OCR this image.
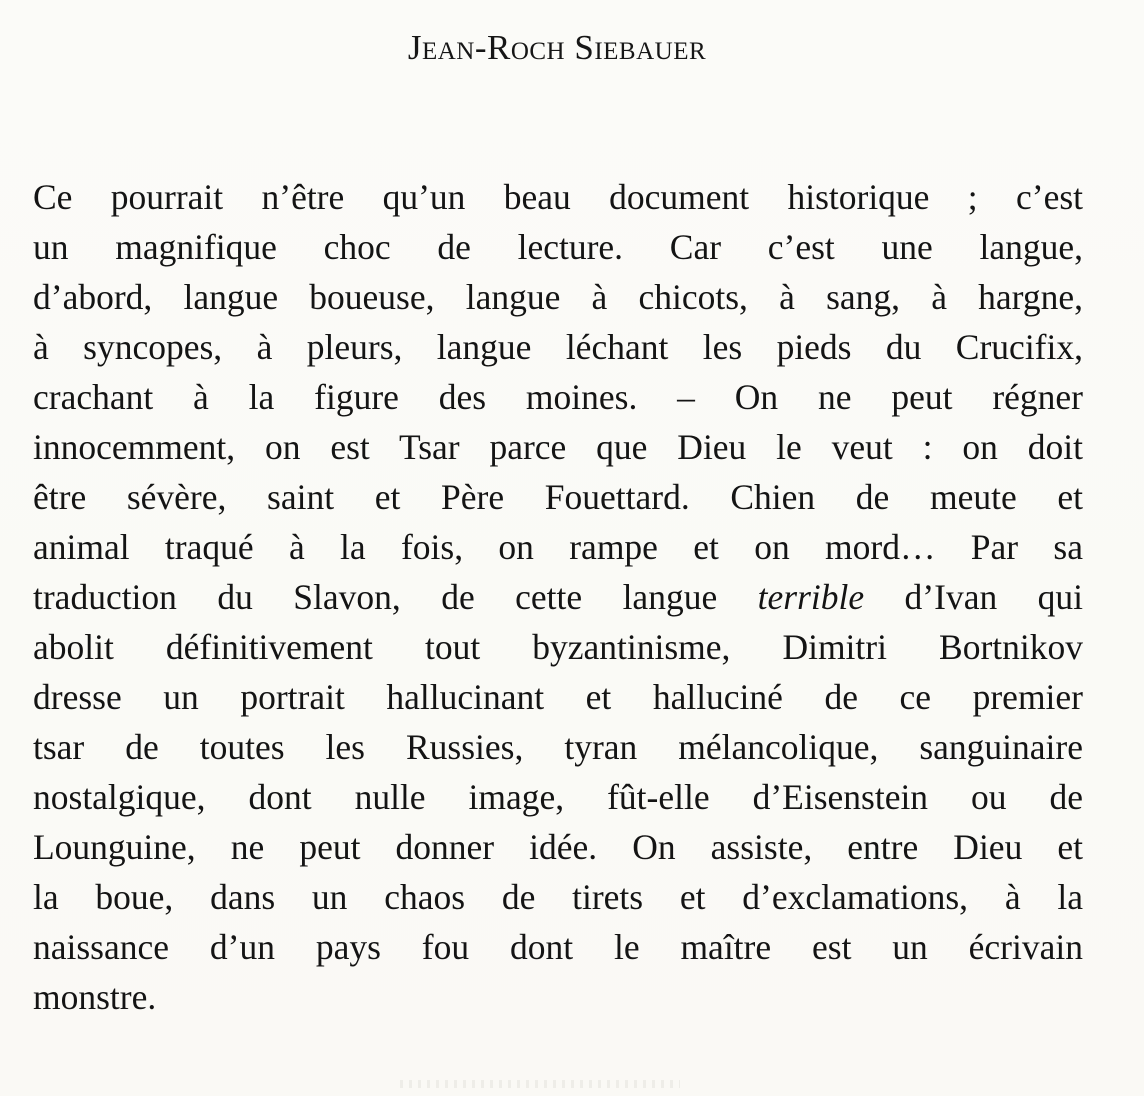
Jean-Roch Siebauer
Ce pourrait n’être qu’un beau document historique ; c’est
un magnifique choc de lecture. Car c’est une langue,
d’abord, langue boueuse, langue à chicots, à sang, à hargne,
à syncopes, à pleurs, langue léchant les pieds du Crucifix,
crachant à la figure des moines. – On ne peut régner
innocemment, on est Tsar parce que Dieu le veut : on doit
être sévère, saint et Père Fouettard. Chien de meute et
animal traqué à la fois, on rampe et on mord… Par sa
traduction du Slavon, de cette langue terrible d’Ivan qui
abolit définitivement tout byzantinisme, Dimitri Bortnikov
dresse un portrait hallucinant et halluciné de ce premier
tsar de toutes les Russies, tyran mélancolique, sanguinaire
nostalgique, dont nulle image, fût-elle d’Eisenstein ou de
Lounguine, ne peut donner idée. On assiste, entre Dieu et
la boue, dans un chaos de tirets et d’exclamations, à la
naissance d’un pays fou dont le maître est un écrivain
monstre.
